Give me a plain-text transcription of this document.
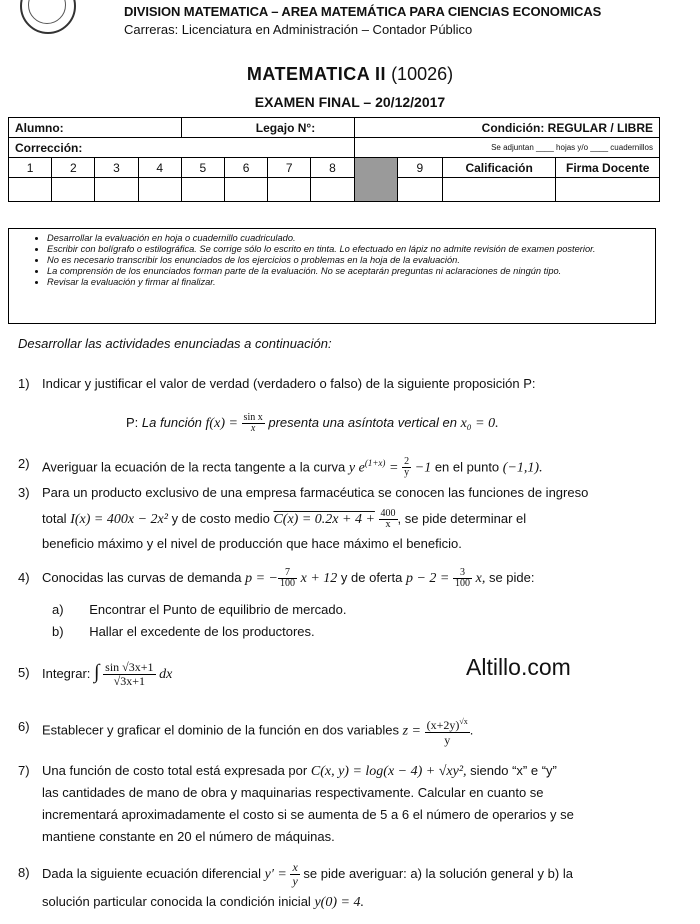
DIVISION MATEMATICA – AREA MATEMÁTICA PARA CIENCIAS ECONOMICAS
Carreras: Licenciatura en Administración – Contador Público
MATEMATICA II (10026)
EXAMEN FINAL – 20/12/2017
Alumno:				Legajo N°:				Condición: REGULAR / LIBRE			
Corrección:								Se adjuntan ____ hojas y/o ____ cuadernillos			
1	2	3	4	5	6	7	8		9	Calificación	Firma Docente

• Desarrollar la evaluación en hoja o cuadernillo cuadriculado.
• Escribir con bolígrafo o estilográfica. Se corrige sólo lo escrito en tinta. Lo efectuado en lápiz no admite revisión de examen posterior.
• No es necesario transcribir los enunciados de los ejercicios o problemas en la hoja de la evaluación.
• La comprensión de los enunciados forman parte de la evaluación. No se aceptarán preguntas ni aclaraciones de ningún tipo.
• Revisar la evaluación y firmar al finalizar.
Desarrollar las actividades enunciadas a continuación:
1) Indicar y justificar el valor de verdad (verdadero o falso) de la siguiente proposición P:
P: La función $f(x) = \frac{\text{sin x}}{x}$ presenta una asíntota vertical en x₀ = 0.
2) Averiguar la ecuación de la recta tangente a la curva y $e^{(1+x)} = \frac{2}{y} -1$ en el punto (−1,1).
3) Para un producto exclusivo de una empresa farmacéutica se conocen las funciones de ingreso
total I(x) = 400x − 2x² y de costo medio $C(x) = 0.2x + 4 + \frac{400}{x}$ , se pide determinar el
beneficio máximo y el nivel de producción que hace máximo el beneficio.
4) Conocidas las curvas de demanda p = − $\frac{7}{100}$ x + 12 y de oferta $p - 2 = \frac{3}{100} x$, se pide:
a) Encontrar el Punto de equilibrio de mercado.
b) Hallar el excedente de los productores.
5) Integrar: ∫ $\frac{\sin √3x+1}{√3x+1}$ dx	Altillo.com
6) Establecer y graficar el dominio de la función en dos variables $z = \frac{(x+2y)^{√x}}{y}$ .
7) Una función de costo total está expresada por C(x, y) = log(x − 4) + √xy², siendo “x” e “y”
las cantidades de mano de obra y maquinarias respectivamente. Calcular en cuanto se
incrementará aproximadamente el costo si se aumenta de 5 a 6 el número de operarios y se
mantiene constante en 20 el número de máquinas.
8) Dada la siguiente ecuación diferencial $y' = \frac{x}{y}$ se pide averiguar: a) la solución general y b) la
solución particular conocida la condición inicial y(0) = 4.
